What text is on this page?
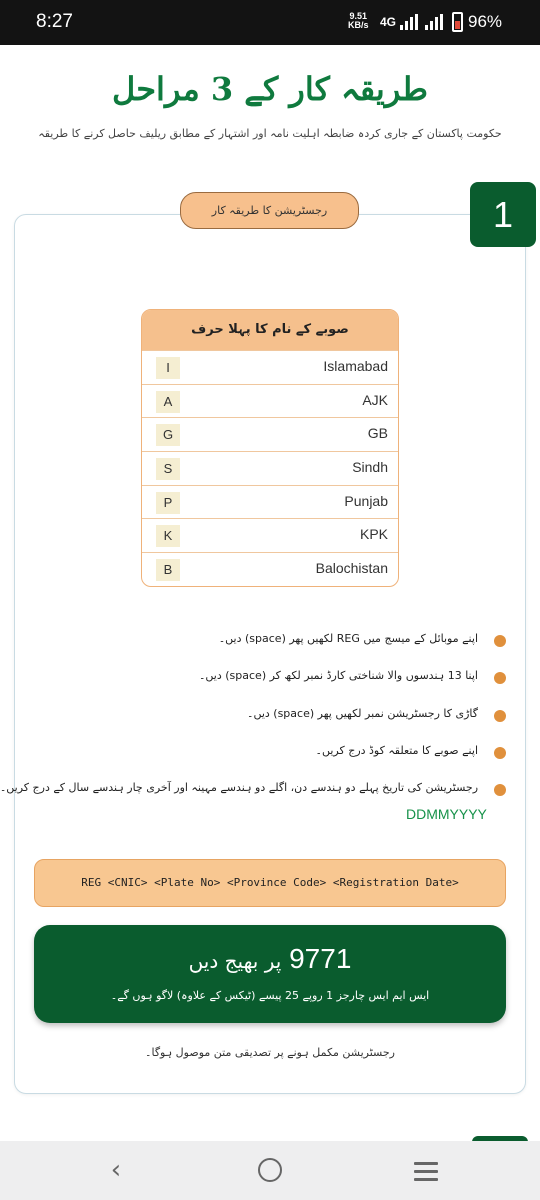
8:27	9.51
KB/s 4G	96%
طریقہ کار کے 3 مراحل
حکومت پاکستان کے جاری کردہ ضابطہ اہلیت نامہ اور اشتہار کے مطابق ریلیف حاصل کرنے کا طریقہ
رجسٹریشن کا طریقہ کار	1
صوبے کے نام کا پہلا حرف
I	Islamabad
A	AJK
G	GB
S	Sindh
P	Punjab
K	KPK
B	Balochistan
اپنے موبائل کے میسج میں REG لکھیں پھر (space) دیں۔
اپنا 13 ہندسوں والا شناختی کارڈ نمبر لکھ کر (space) دیں۔
گاڑی کا رجسٹریشن نمبر لکھیں پھر (space) دیں۔
اپنے صوبے کا متعلقہ کوڈ درج کریں۔
رجسٹریشن کی تاریخ پہلے دو ہندسے دن، اگلے دو ہندسے مہینہ اور آخری چار ہندسے سال کے درج کریں۔
DDMMYYYY
REG <CNIC> <Plate No> <Province Code> <Registration Date>
9771 پر بھیج دیں
ایس ایم ایس چارجز 1 روپے 25 پیسے (ٹیکس کے علاوہ) لاگو ہوں گے۔
رجسٹریشن مکمل ہونے پر تصدیقی متن موصول ہوگا۔
‹
